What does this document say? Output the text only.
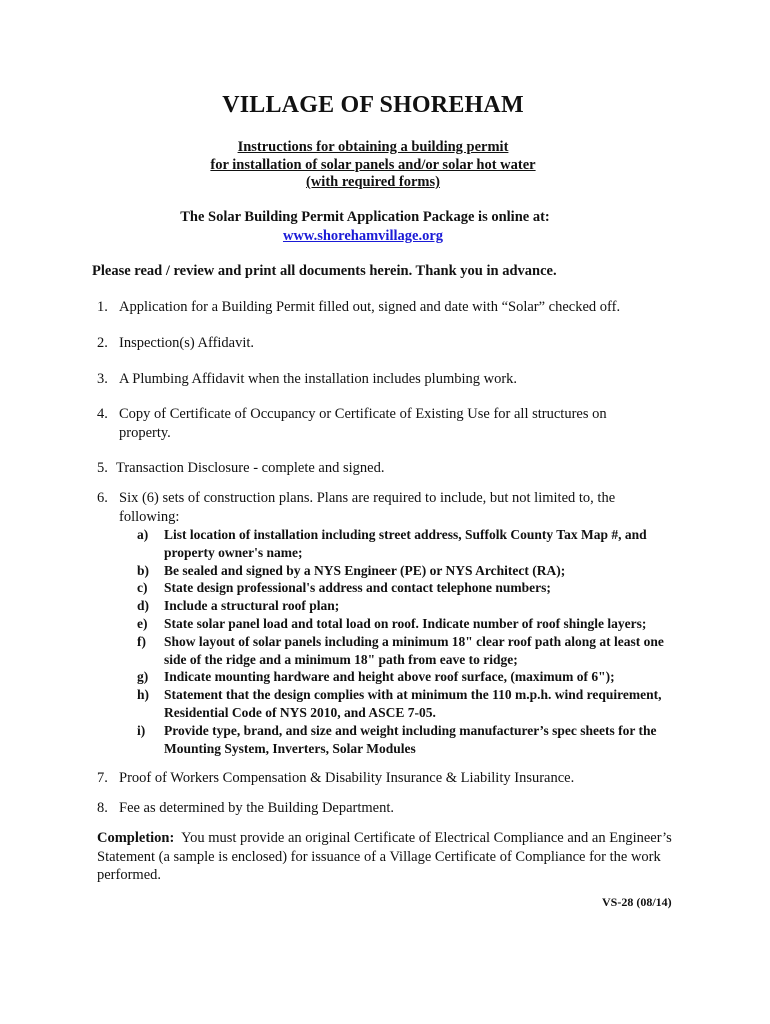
VILLAGE OF SHOREHAM
Instructions for obtaining a building permit
for installation of solar panels and/or solar hot water
(with required forms)
The Solar Building Permit Application Package is online at:
www.shorehamvillage.org
Please read / review and print all documents herein. Thank you in advance.
1. Application for a Building Permit filled out, signed and date with “Solar” checked off.
2. Inspection(s) Affidavit.
3. A Plumbing Affidavit when the installation includes plumbing work.
4. Copy of Certificate of Occupancy or Certificate of Existing Use for all structures on property.
5. Transaction Disclosure - complete and signed.
6. Six (6) sets of construction plans. Plans are required to include, but not limited to, the following:
a) List location of installation including street address, Suffolk County Tax Map #, and property owner's name;
b) Be sealed and signed by a NYS Engineer (PE) or NYS Architect (RA);
c) State design professional's address and contact telephone numbers;
d) Include a structural roof plan;
e) State solar panel load and total load on roof. Indicate number of roof shingle layers;
f) Show layout of solar panels including a minimum 18" clear roof path along at least one side of the ridge and a minimum 18" path from eave to ridge;
g) Indicate mounting hardware and height above roof surface, (maximum of 6");
h) Statement that the design complies with at minimum the 110 m.p.h. wind requirement, Residential Code of NYS 2010, and ASCE 7-05.
i) Provide type, brand, and size and weight including manufacturer’s spec sheets for the Mounting System, Inverters, Solar Modules
7. Proof of Workers Compensation & Disability Insurance & Liability Insurance.
8. Fee as determined by the Building Department.
Completion: You must provide an original Certificate of Electrical Compliance and an Engineer’s Statement (a sample is enclosed) for issuance of a Village Certificate of Compliance for the work performed.
VS-28 (08/14)
